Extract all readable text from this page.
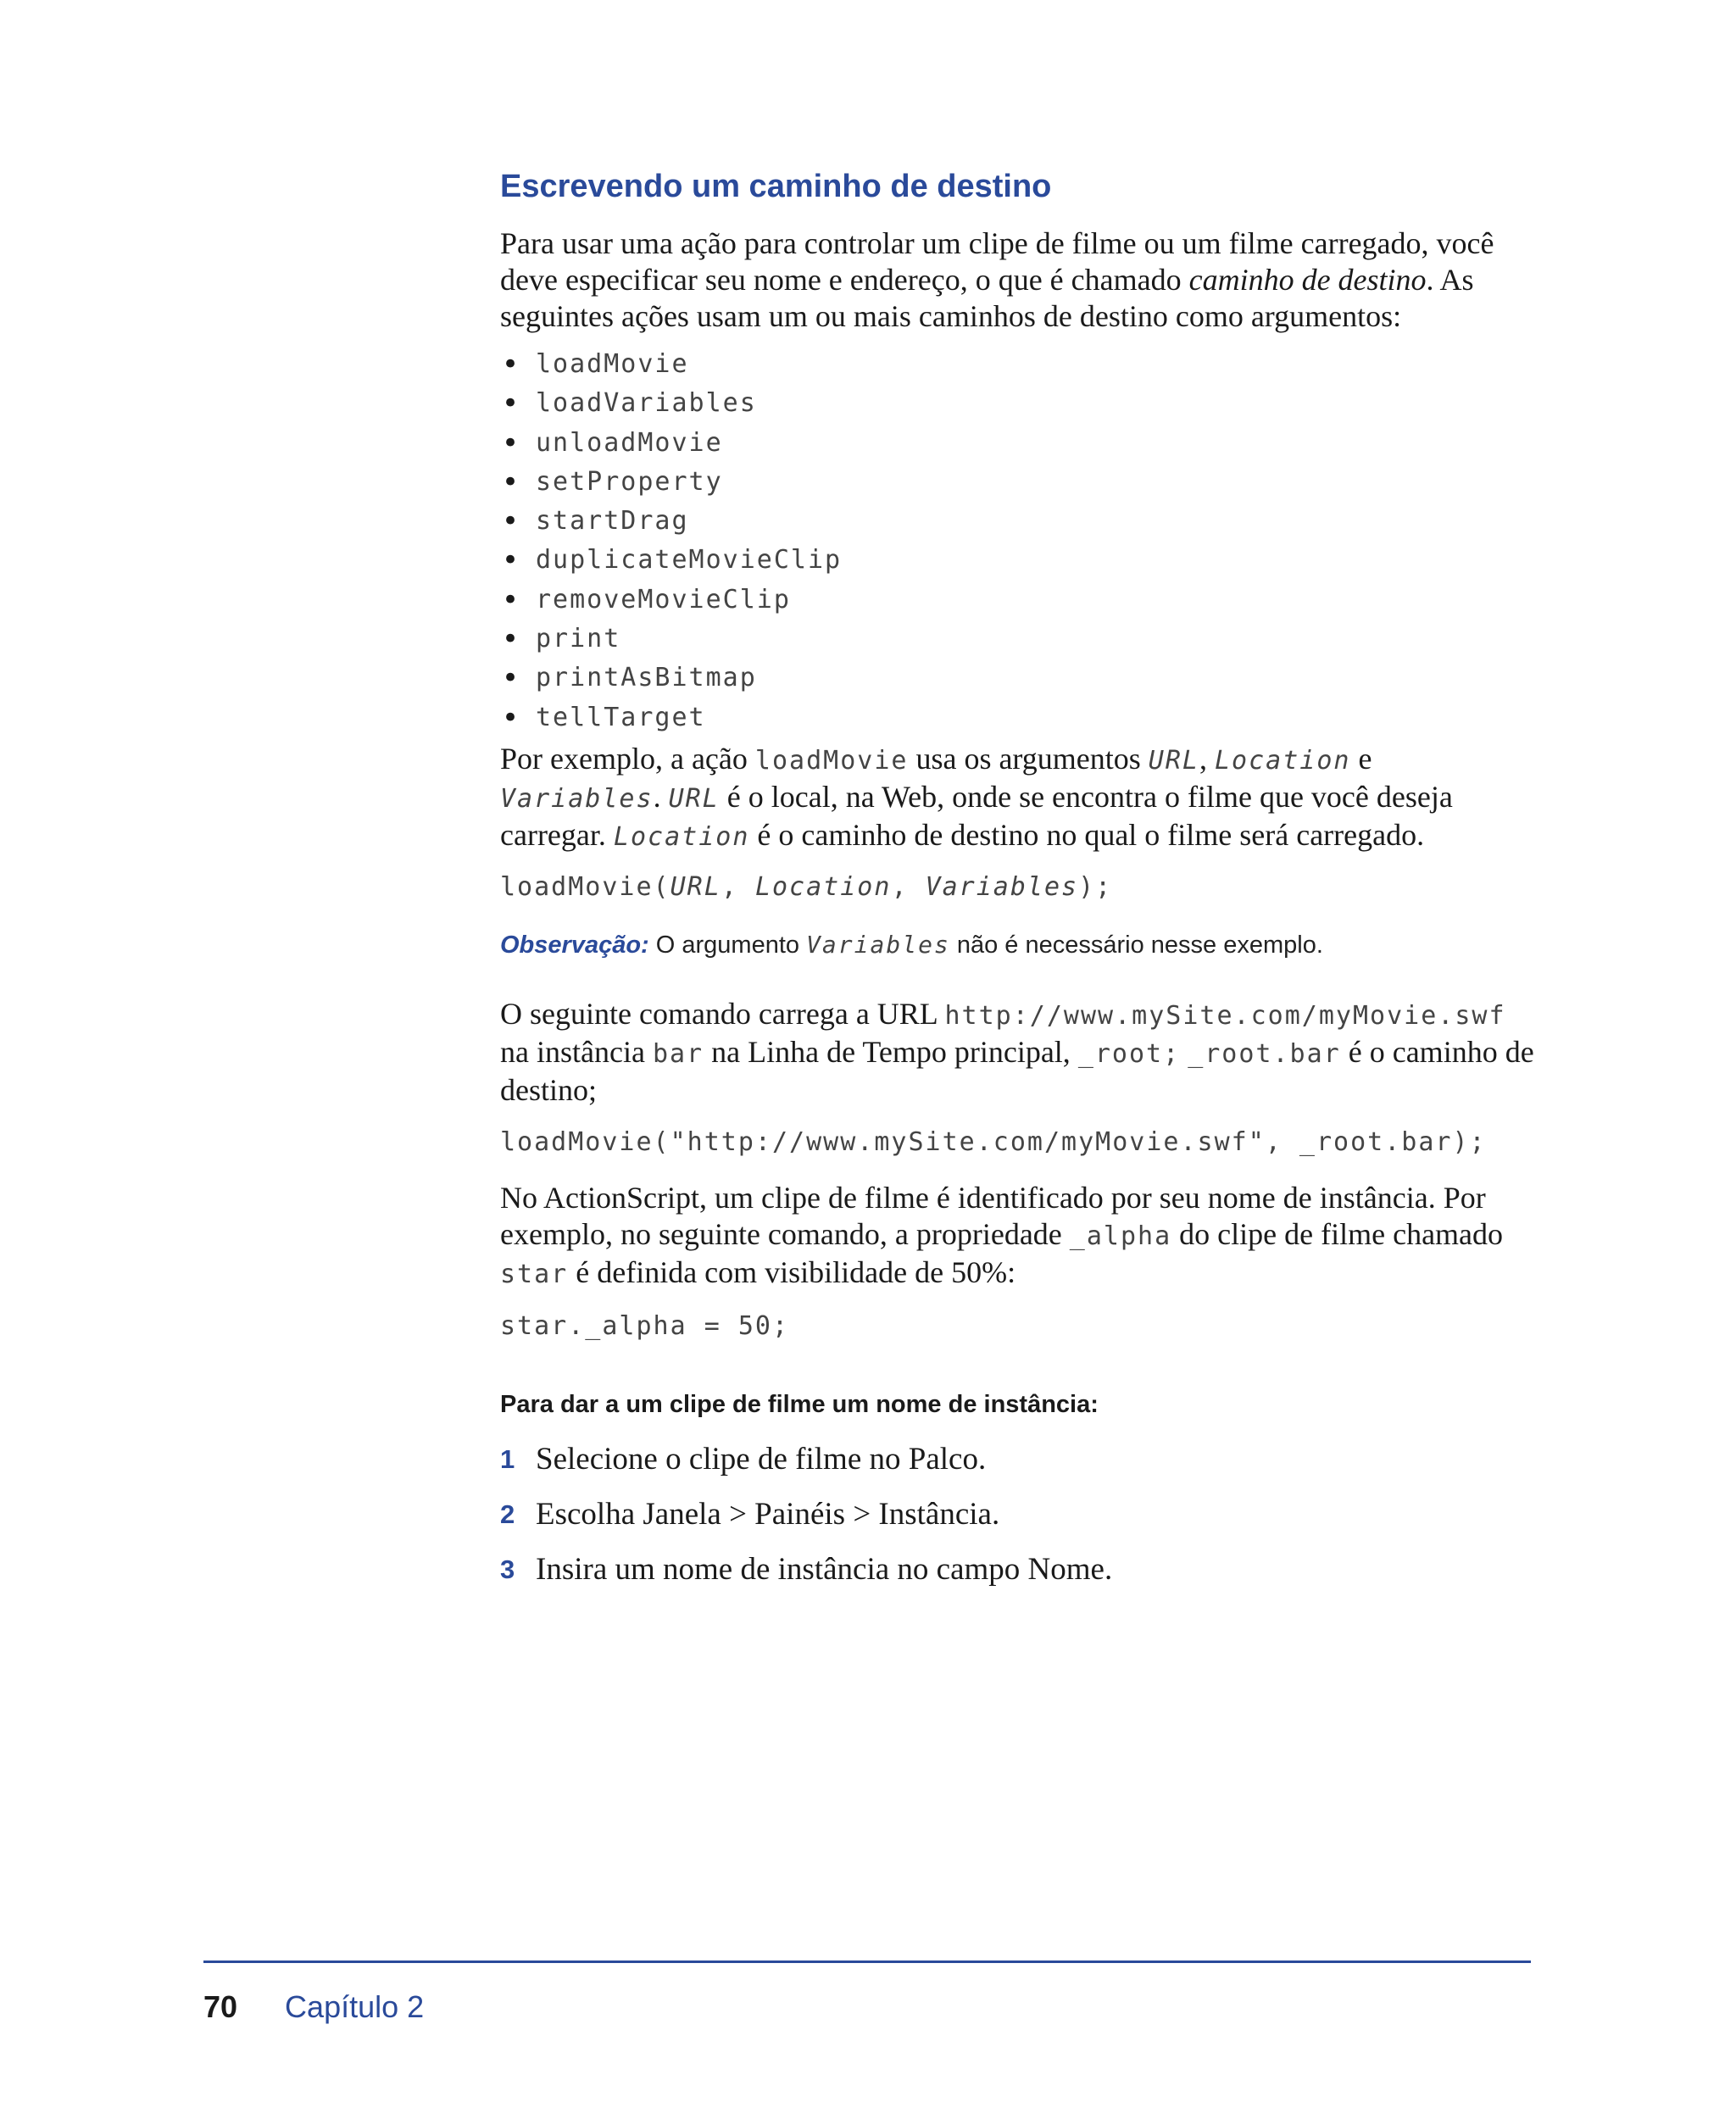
Escrevendo um caminho de destino

Para usar uma ação para controlar um clipe de filme ou um filme carregado, você deve especificar seu nome e endereço, o que é chamado caminho de destino. As seguintes ações usam um ou mais caminhos de destino como argumentos:

• loadMovie
• loadVariables
• unloadMovie
• setProperty
• startDrag
• duplicateMovieClip
• removeMovieClip
• print
• printAsBitmap
• tellTarget

Por exemplo, a ação loadMovie usa os argumentos URL, Location e Variables. URL é o local, na Web, onde se encontra o filme que você deseja carregar. Location é o caminho de destino no qual o filme será carregado.

loadMovie(URL, Location, Variables);

Observação: O argumento Variables não é necessário nesse exemplo.

O seguinte comando carrega a URL http://www.mySite.com/myMovie.swf na instância bar na Linha de Tempo principal, _root; _root.bar é o caminho de destino;

loadMovie("http://www.mySite.com/myMovie.swf", _root.bar);

No ActionScript, um clipe de filme é identificado por seu nome de instância. Por exemplo, no seguinte comando, a propriedade _alpha do clipe de filme chamado star é definida com visibilidade de 50%:

star._alpha = 50;

Para dar a um clipe de filme um nome de instância:

1 Selecione o clipe de filme no Palco.
2 Escolha Janela > Painéis > Instância.
3 Insira um nome de instância no campo Nome.
70 Capítulo 2
